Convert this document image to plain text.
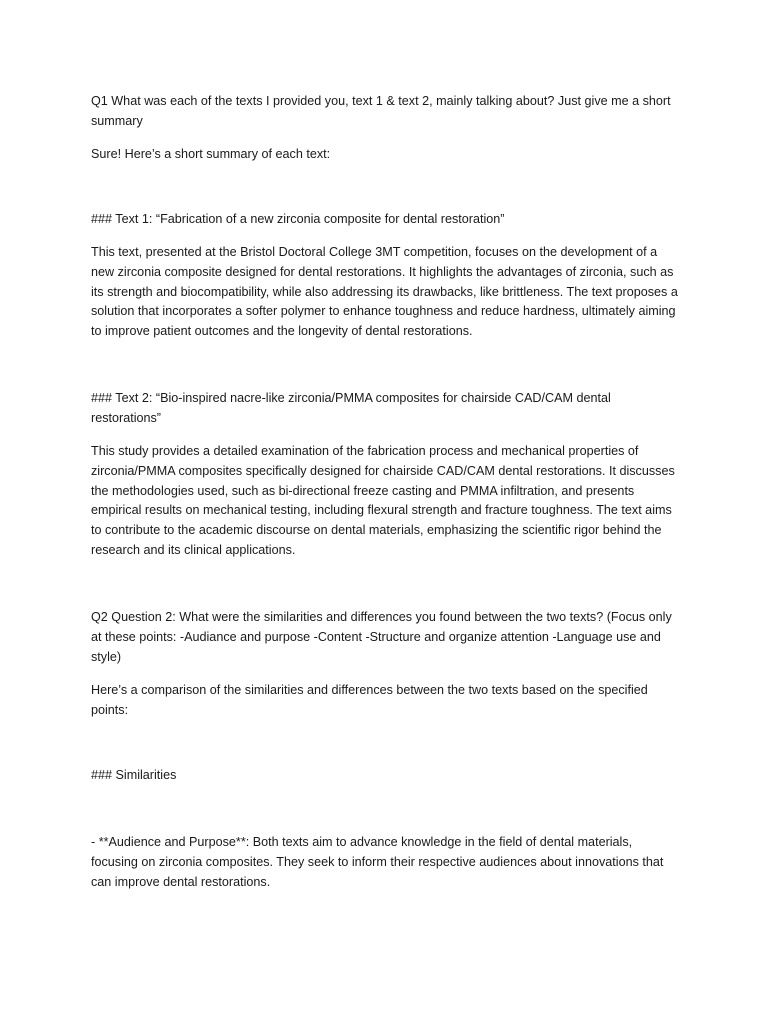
Q1 What was each of the texts I provided you, text 1 & text 2, mainly talking about? Just give me a short summary

Sure! Here’s a short summary of each text:

### Text 1: “Fabrication of a new zirconia composite for dental restoration”

This text, presented at the Bristol Doctoral College 3MT competition, focuses on the development of a new zirconia composite designed for dental restorations. It highlights the advantages of zirconia, such as its strength and biocompatibility, while also addressing its drawbacks, like brittleness. The text proposes a solution that incorporates a softer polymer to enhance toughness and reduce hardness, ultimately aiming to improve patient outcomes and the longevity of dental restorations.

### Text 2: “Bio-inspired nacre-like zirconia/PMMA composites for chairside CAD/CAM dental restorations”

This study provides a detailed examination of the fabrication process and mechanical properties of zirconia/PMMA composites specifically designed for chairside CAD/CAM dental restorations. It discusses the methodologies used, such as bi-directional freeze casting and PMMA infiltration, and presents empirical results on mechanical testing, including flexural strength and fracture toughness. The text aims to contribute to the academic discourse on dental materials, emphasizing the scientific rigor behind the research and its clinical applications.

Q2 Question 2: What were the similarities and differences you found between the two texts? (Focus only at these points: -Audiance and purpose -Content -Structure and organize attention -Language use and style)

Here’s a comparison of the similarities and differences between the two texts based on the specified points:

### Similarities

- **Audience and Purpose**: Both texts aim to advance knowledge in the field of dental materials, focusing on zirconia composites. They seek to inform their respective audiences about innovations that can improve dental restorations.
